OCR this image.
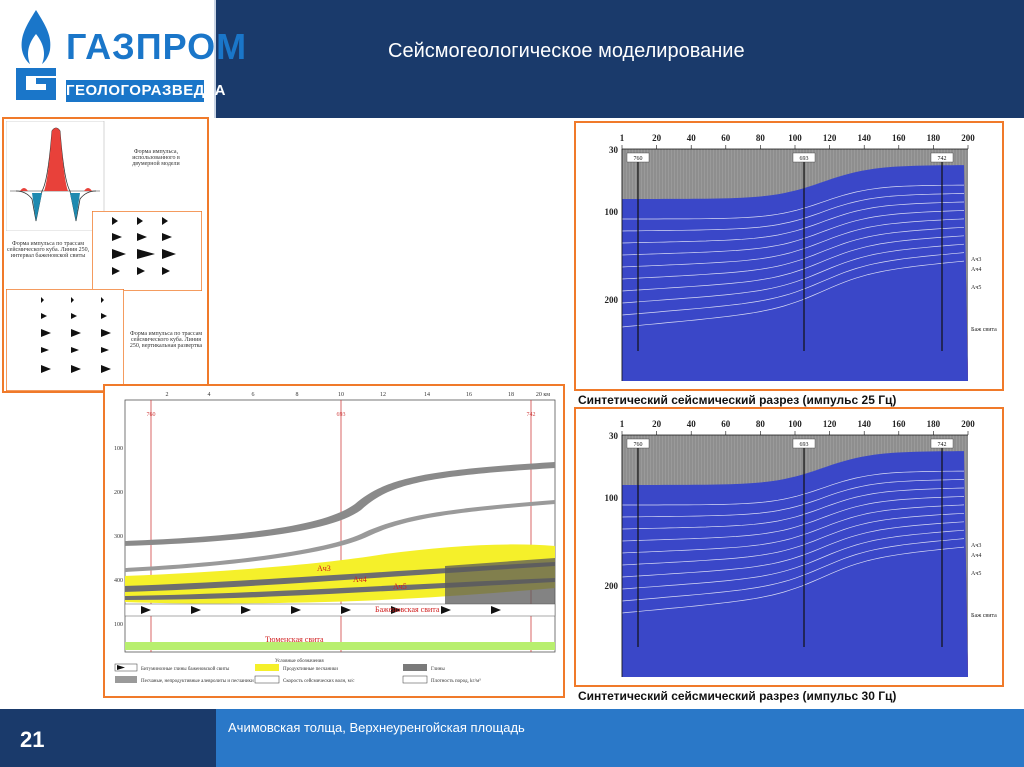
ГАЗПРОМ
ГЕОЛОГОРАЗВЕДКА
Сейсмогеологическое моделирование
Форма импульса, использованного в двумерной модели
Форма импульса по трассам сейсмического куба. Линия 250, интервал баженовской свиты
Форма импульса по трассам сейсмического куба. Линия 250, вертикальная развертка
2	4	6	8	10	12	14	16	18	20 км
100
200
300
400
100
760	693	742
Ач3
Ач4
Ач5
Баженовская свита
Тюменская свита
Условные обозначения
Битуминозные глины баженовской свиты	Продуктивные песчаники	Глины
Песчаные, непродуктивные алевролиты и песчаники	Скорость сейсмических волн, м/с	Плотность пород, kг/м³
760	693	742
1	20	40	60	80	100 120 140 160 180 200
30
100
200
Ач3
Ач4
Ач5
Баж свита
Синтетический сейсмический разрез (импульс 25 Гц)
760	693	742
1	20	40	60	80	100 120 140 160 180 200
30
100
200
Ач3
Ач4
Ач5
Баж свита
Синтетический сейсмический разрез (импульс 30 Гц)
21	Ачимовская толща, Верхнеуренгойская площадь
